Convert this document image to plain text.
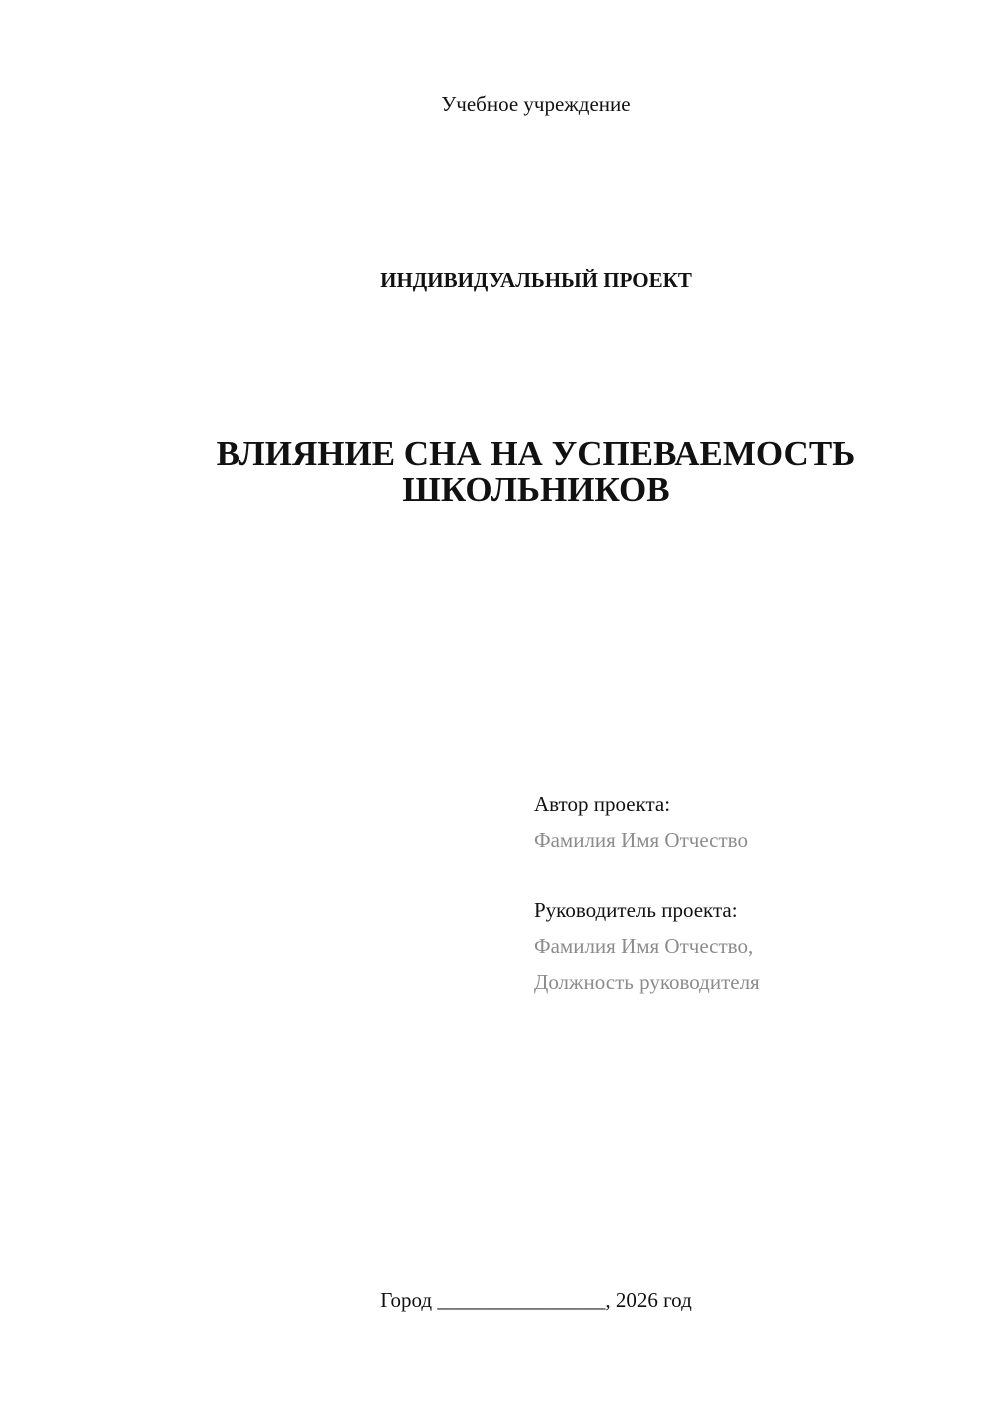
Учебное учреждение
ИНДИВИДУАЛЬНЫЙ ПРОЕКТ
ВЛИЯНИЕ СНА НА УСПЕВАЕМОСТЬ
ШКОЛЬНИКОВ
Автор проекта:
Фамилия Имя Отчество
Руководитель проекта:
Фамилия Имя Отчество,
Должность руководителя
Город ________________, 2026 год
